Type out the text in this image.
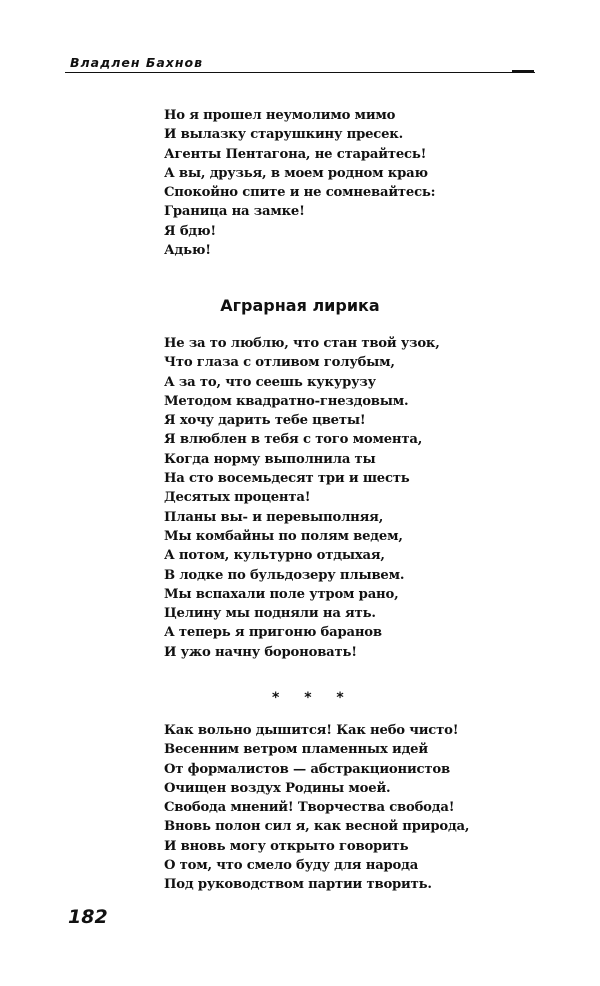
Владлен Бахнов
Но я прошел неумолимо мимо
И вылазку старушкину пресек.
Агенты Пентагона, не старайтесь!
А вы, друзья, в моем родном краю
Спокойно спите и не сомневайтесь:
Граница на замке!
Я бдю!
Адью!
Аграрная лирика
Не за то люблю, что стан твой узок,
Что глаза с отливом голубым,
А за то, что сеешь кукурузу
Методом квадратно-гнездовым.
Я хочу дарить тебе цветы!
Я влюблен в тебя с того момента,
Когда норму выполнила ты
На сто восемьдесят три и шесть
Десятых процента!
Планы вы- и перевыполняя,
Мы комбайны по полям ведем,
А потом, культурно отдыхая,
В лодке по бульдозеру плывем.
Мы вспахали поле утром рано,
Целину мы подняли на ять.
А теперь я пригоню баранов
И ужо начну бороновать!
* * *
Как вольно дышится! Как небо чисто!
Весенним ветром пламенных идей
От формалистов — абстракционистов
Очищен воздух Родины моей.
Свобода мнений! Творчества свобода!
Вновь полон сил я, как весной природа,
И вновь могу открыто говорить
О том, что смело буду для народа
Под руководством партии творить.
182
